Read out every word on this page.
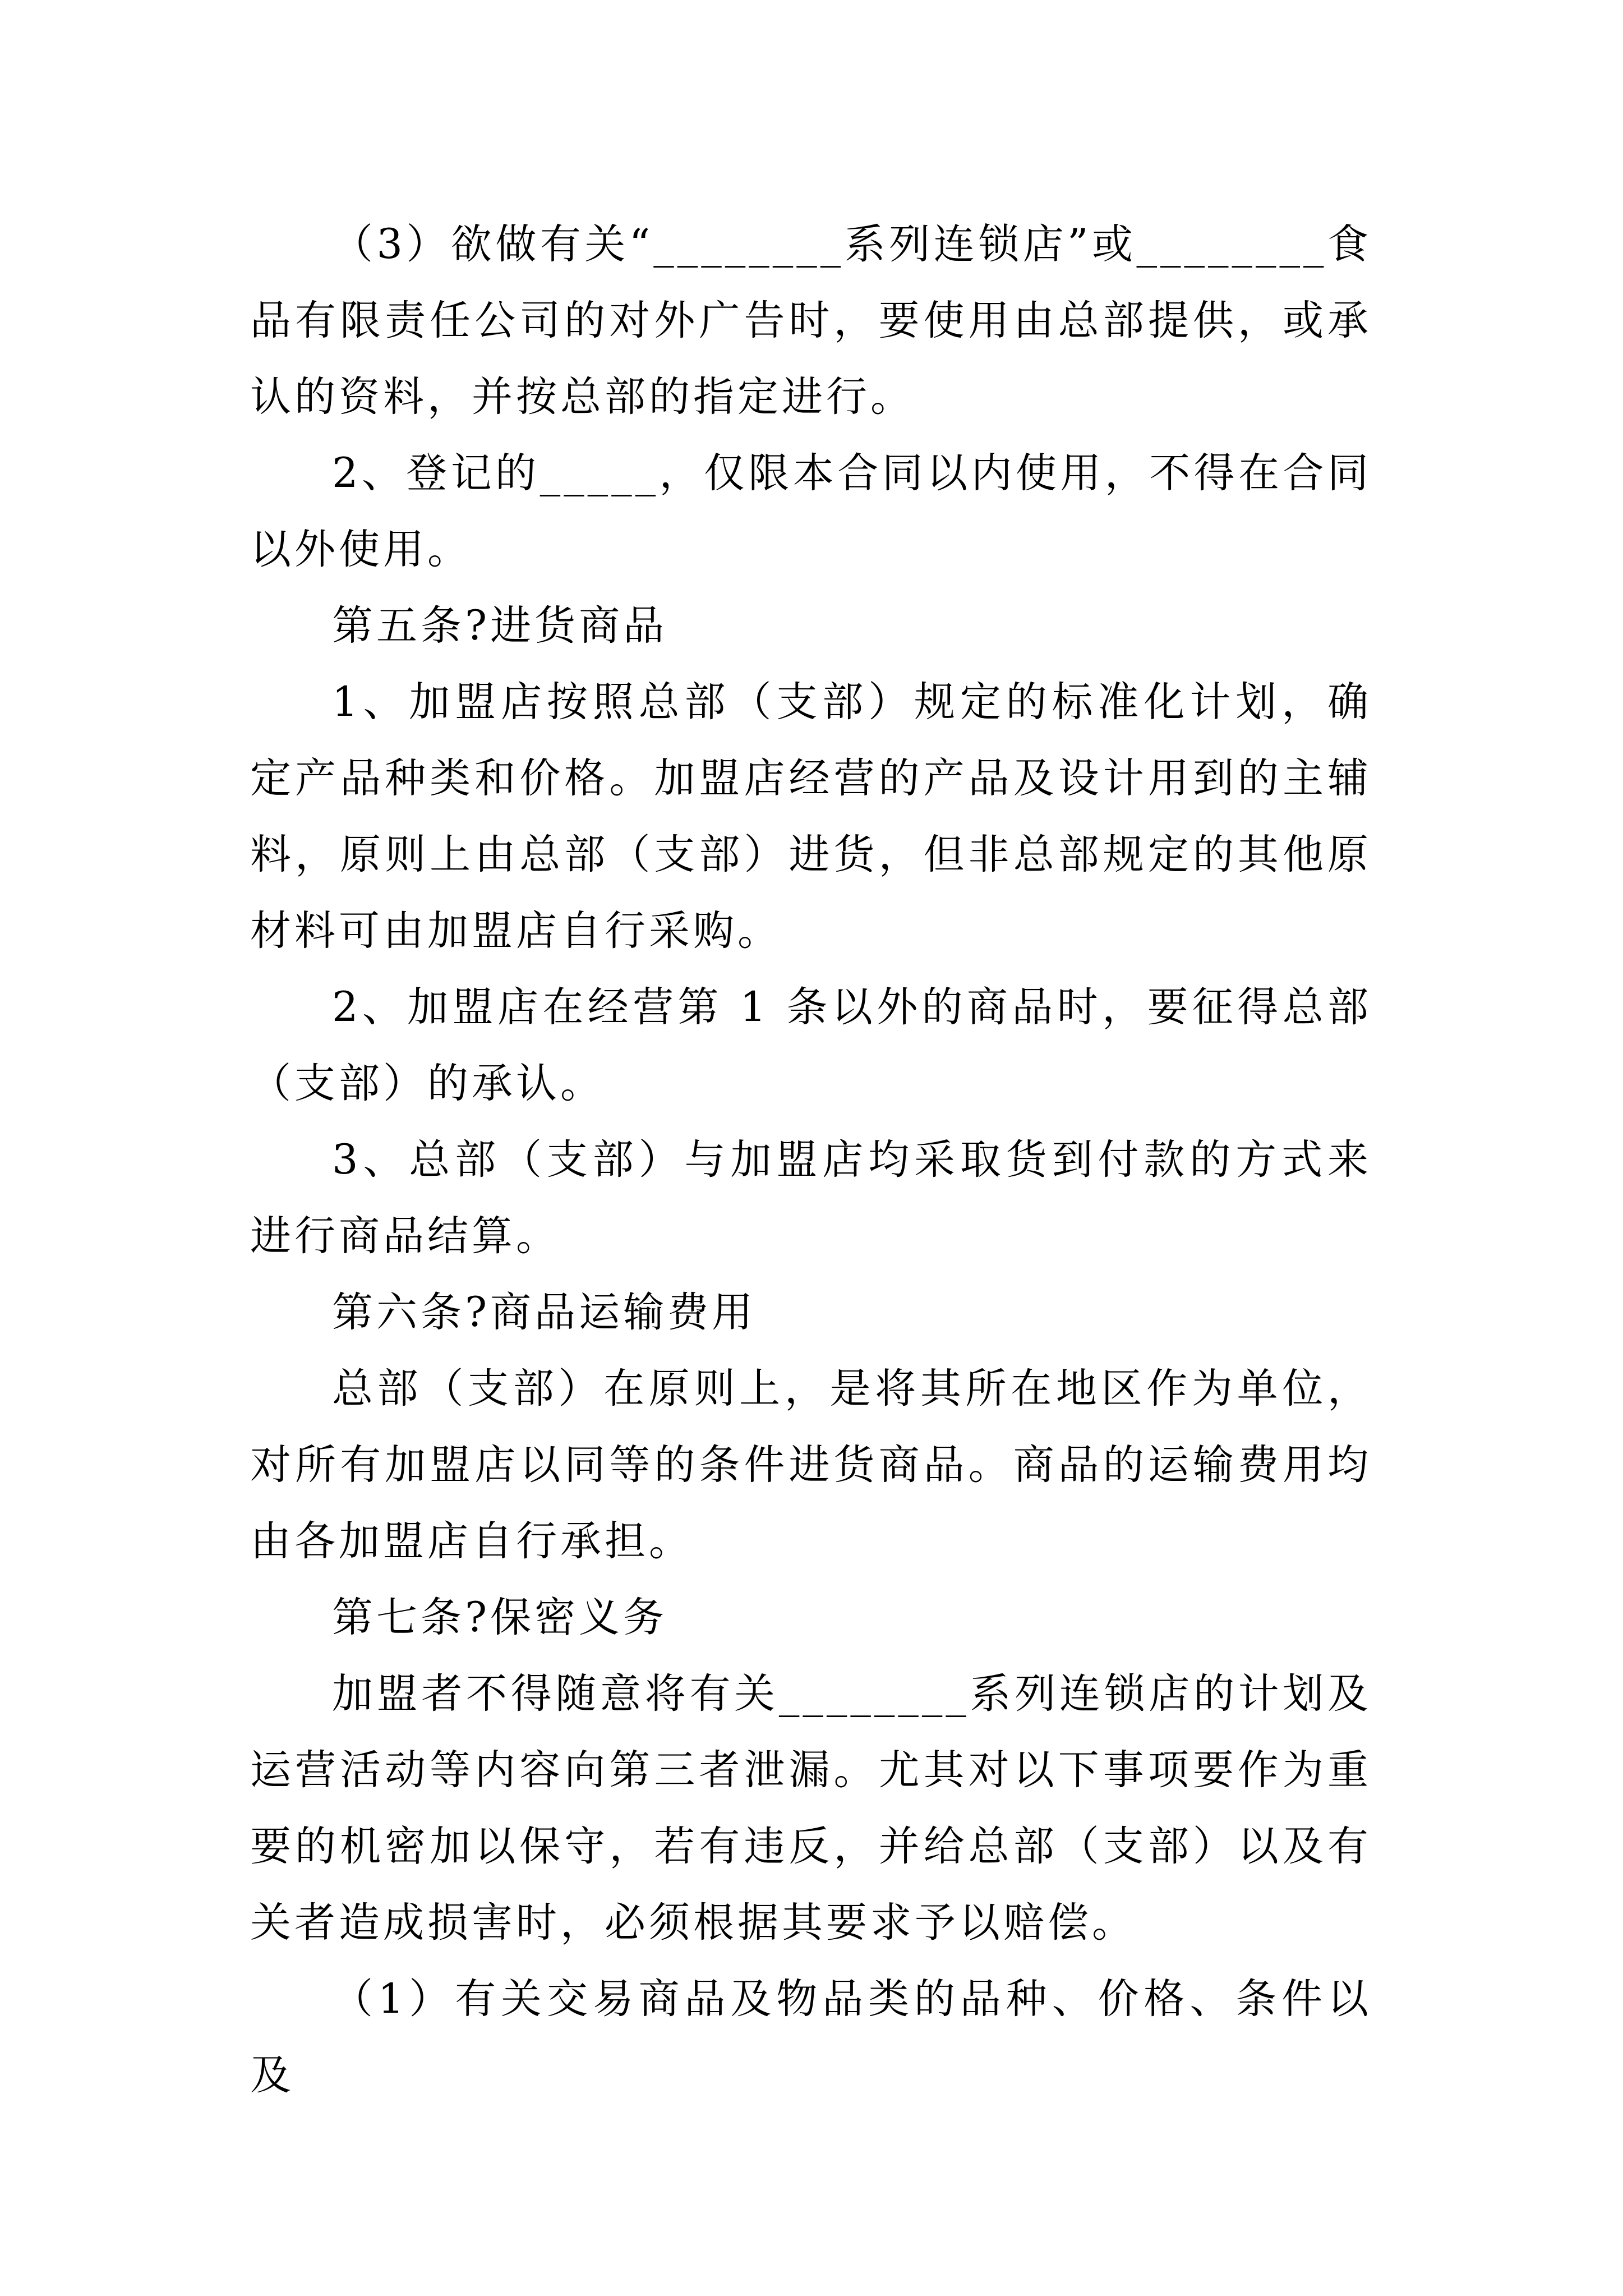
（3）欲做有关“________系列连锁店”或________食品有限责任公司的对外广告时，要使用由总部提供，或承认的资料，并按总部的指定进行。

2、登记的_____，仅限本合同以内使用，不得在合同以外使用。

第五条?进货商品

1、加盟店按照总部（支部）规定的标准化计划，确定产品种类和价格。加盟店经营的产品及设计用到的主辅料，原则上由总部（支部）进货，但非总部规定的其他原材料可由加盟店自行采购。

2、加盟店在经营第 1 条以外的商品时，要征得总部（支部）的承认。

3、总部（支部）与加盟店均采取货到付款的方式来进行商品结算。

第六条?商品运输费用

总部（支部）在原则上，是将其所在地区作为单位，对所有加盟店以同等的条件进货商品。商品的运输费用均由各加盟店自行承担。

第七条?保密义务

加盟者不得随意将有关________系列连锁店的计划及运营活动等内容向第三者泄漏。尤其对以下事项要作为重要的机密加以保守，若有违反，并给总部（支部）以及有关者造成损害时，必须根据其要求予以赔偿。

（1）有关交易商品及物品类的品种、价格、条件以及
